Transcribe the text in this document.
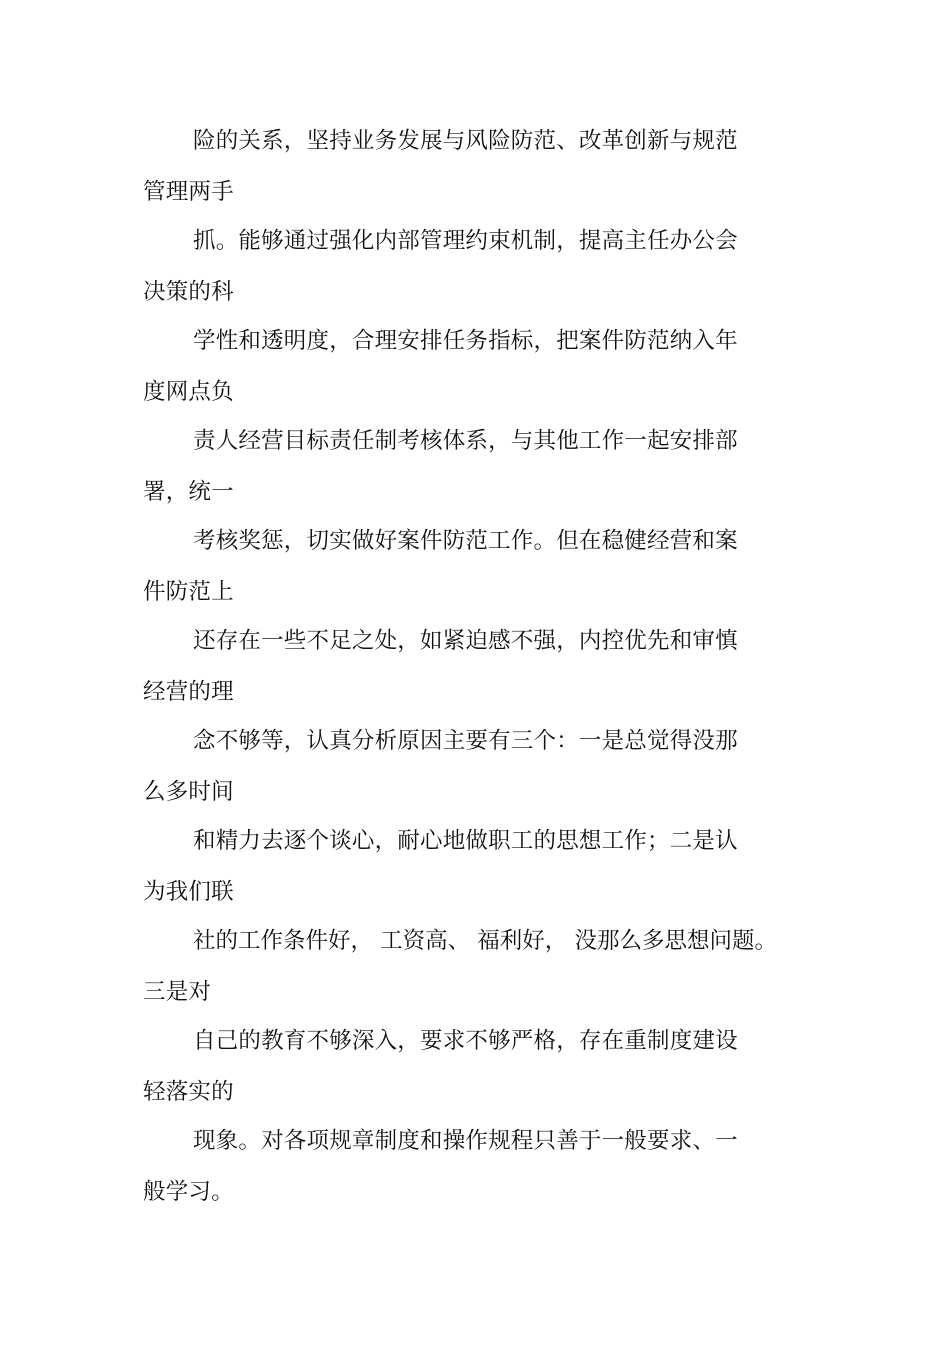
险的关系，坚持业务发展与风险防范、改革创新与规范
管理两手
抓。能够通过强化内部管理约束机制，提高主任办公会
决策的科
学性和透明度，合理安排任务指标，把案件防范纳入年
度网点负
责人经营目标责任制考核体系，与其他工作一起安排部
署，统一
考核奖惩，切实做好案件防范工作。但在稳健经营和案
件防范上
还存在一些不足之处，如紧迫感不强，内控优先和审慎
经营的理
念不够等，认真分析原因主要有三个：一是总觉得没那
么多时间
和精力去逐个谈心，耐心地做职工的思想工作；二是认
为我们联
社的工作条件好， 工资高、 福利好， 没那么多思想问题。
三是对
自己的教育不够深入，要求不够严格，存在重制度建设
轻落实的
现象。对各项规章制度和操作规程只善于一般要求、一
般学习。
